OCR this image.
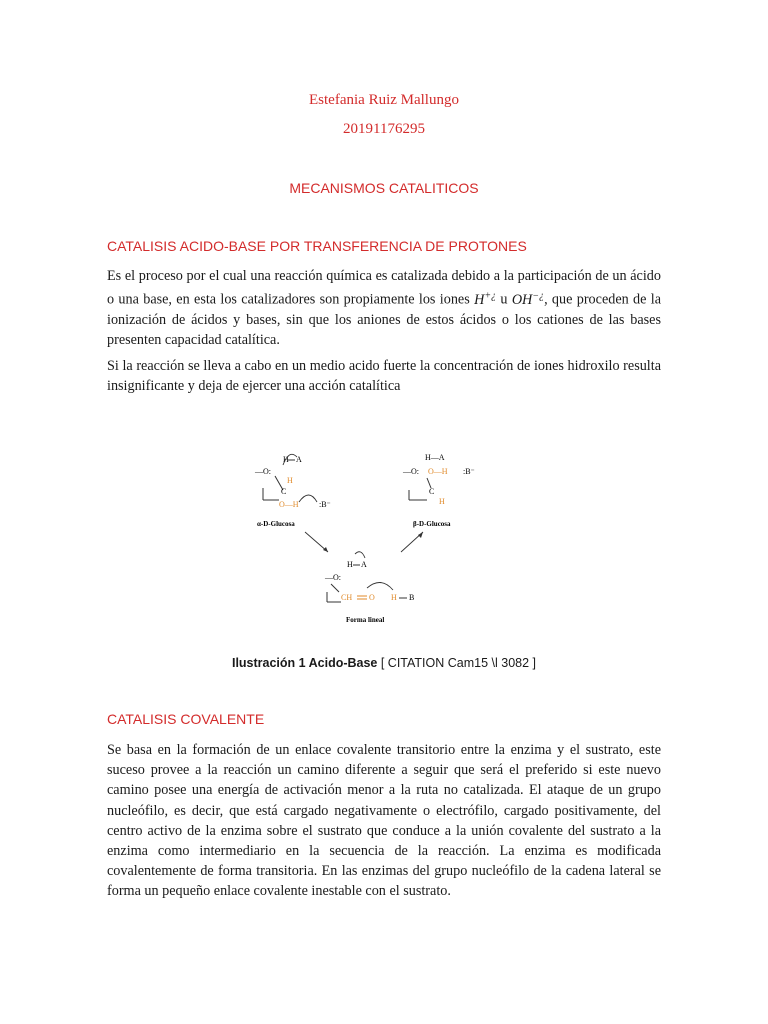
Estefania Ruiz Mallungo
20191176295
MECANISMOS CATALITICOS
CATALISIS ACIDO-BASE POR TRANSFERENCIA DE PROTONES

Es el proceso por el cual una reacción química es catalizada debido a la participación de un ácido o una base, en esta los catalizadores son propiamente los iones H+¿ u OH−¿, que proceden de la ionización de ácidos y bases, sin que los aniones de estos ácidos o los cationes de las bases presenten capacidad catalítica.

Si la reacción se lleva a cabo en un medio acido fuerte la concentración de iones hidroxilo resulta insignificante y deja de ejercer una acción catalítica

H A
—O:
H
C
O—H	:B⁻
α-D-Glucosa
H—A
—O: O—H :B⁻
C
H
β-D-Glucosa
H A
—O:
CH O H B
Forma lineal
Ilustración 1 Acido-Base [ CITATION Cam15 \l 3082 ]
CATALISIS COVALENTE

Se basa en la formación de un enlace covalente transitorio entre la enzima y el sustrato, este suceso provee a la reacción un camino diferente a seguir que será el preferido si este nuevo camino posee una energía de activación menor a la ruta no catalizada. El ataque de un grupo nucleófilo, es decir, que está cargado negativamente o electrófilo, cargado positivamente, del centro activo de la enzima sobre el sustrato que conduce a la unión covalente del sustrato a la enzima como intermediario en la secuencia de la reacción. La enzima es modificada covalentemente de forma transitoria. En las enzimas del grupo nucleófilo de la cadena lateral se forma un pequeño enlace covalente inestable con el sustrato.
